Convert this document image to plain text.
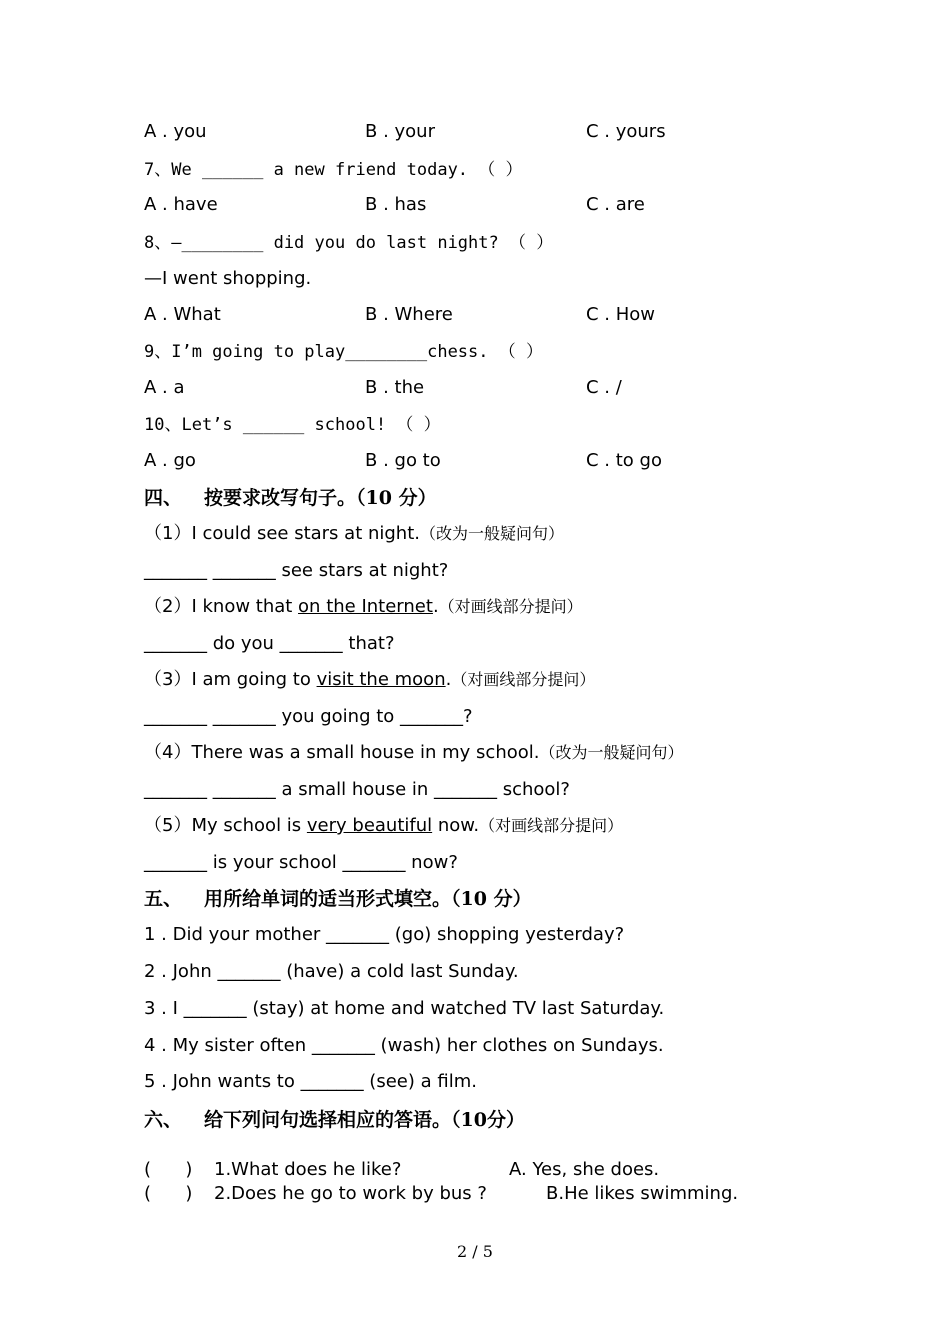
A . you	B . your	C . yours
7、We ______ a new friend today. （ ）
A . have	B . has	C . are
8、—________ did you do last night? （ ）
—I went shopping.
A . What	B . Where	C . How
9、I’m going to play________chess. （ ）
A . a	B . the	C . /
10、Let’s ______ school! （ ）
A . go	B . go to	C . to go
四、 按要求改写句子。（10 分）
（1）I could see stars at night.（改为一般疑问句）
_______ _______ see stars at night?
（2）I know that on the Internet.（对画线部分提问）
_______ do you _______ that?
（3）I am going to visit the moon.（对画线部分提问）
_______ _______ you going to _______?
（4）There was a small house in my school.（改为一般疑问句）
_______ _______ a small house in _______ school?
（5）My school is very beautiful now.（对画线部分提问）
_______ is your school _______ now?
五、 用所给单词的适当形式填空。（10 分）
1 . Did your mother _______ (go) shopping yesterday?
2 . John _______ (have) a cold last Sunday.
3 . I _______ (stay) at home and watched TV last Saturday.
4 . My sister often _______ (wash) her clothes on Sundays.
5 . John wants to _______ (see) a film.
六、 给下列问句选择相应的答语。（10分）
(      ) 1.What does he like?	A. Yes, she does.
(      ) 2.Does he go to work by bus ?	B.He likes swimming.
2 / 5
